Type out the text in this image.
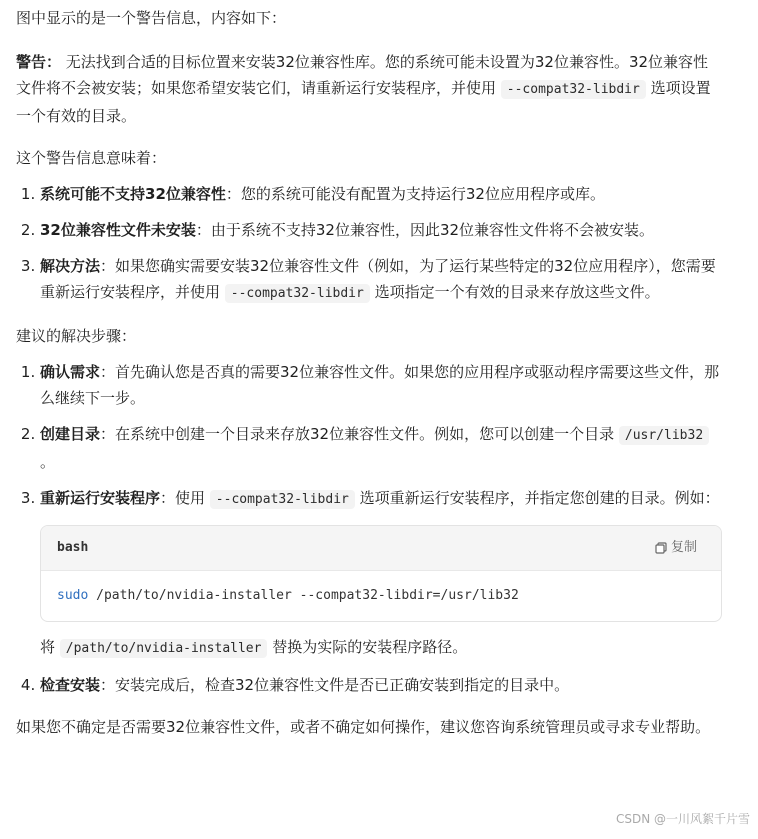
图中显示的是一个警告信息，内容如下：

警告： 无法找到合适的目标位置来安装32位兼容性库。您的系统可能未设置为32位兼容性。32位兼容性文件将不会被安装；如果您希望安装它们，请重新运行安装程序，并使用 --compat32-libdir 选项设置一个有效的目录。

这个警告信息意味着：

1. 系统可能不支持32位兼容性：您的系统可能没有配置为支持运行32位应用程序或库。
2. 32位兼容性文件未安装：由于系统不支持32位兼容性，因此32位兼容性文件将不会被安装。
3. 解决方法：如果您确实需要安装32位兼容性文件（例如，为了运行某些特定的32位应用程序），您需要重新运行安装程序，并使用 --compat32-libdir 选项指定一个有效的目录来存放这些文件。

建议的解决步骤：

1. 确认需求：首先确认您是否真的需要32位兼容性文件。如果您的应用程序或驱动程序需要这些文件，那么继续下一步。
2. 创建目录：在系统中创建一个目录来存放32位兼容性文件。例如，您可以创建一个目录 /usr/lib32 。
3. 重新运行安装程序：使用 --compat32-libdir 选项重新运行安装程序，并指定您创建的目录。例如：
bash	复制
sudo /path/to/nvidia-installer --compat32-libdir=/usr/lib32

将 /path/to/nvidia-installer 替换为实际的安装程序路径。

4. 检查安装：安装完成后，检查32位兼容性文件是否已正确安装到指定的目录中。

如果您不确定是否需要32位兼容性文件，或者不确定如何操作，建议您咨询系统管理员或寻求专业帮助。

CSDN @一川风絮千片雪
